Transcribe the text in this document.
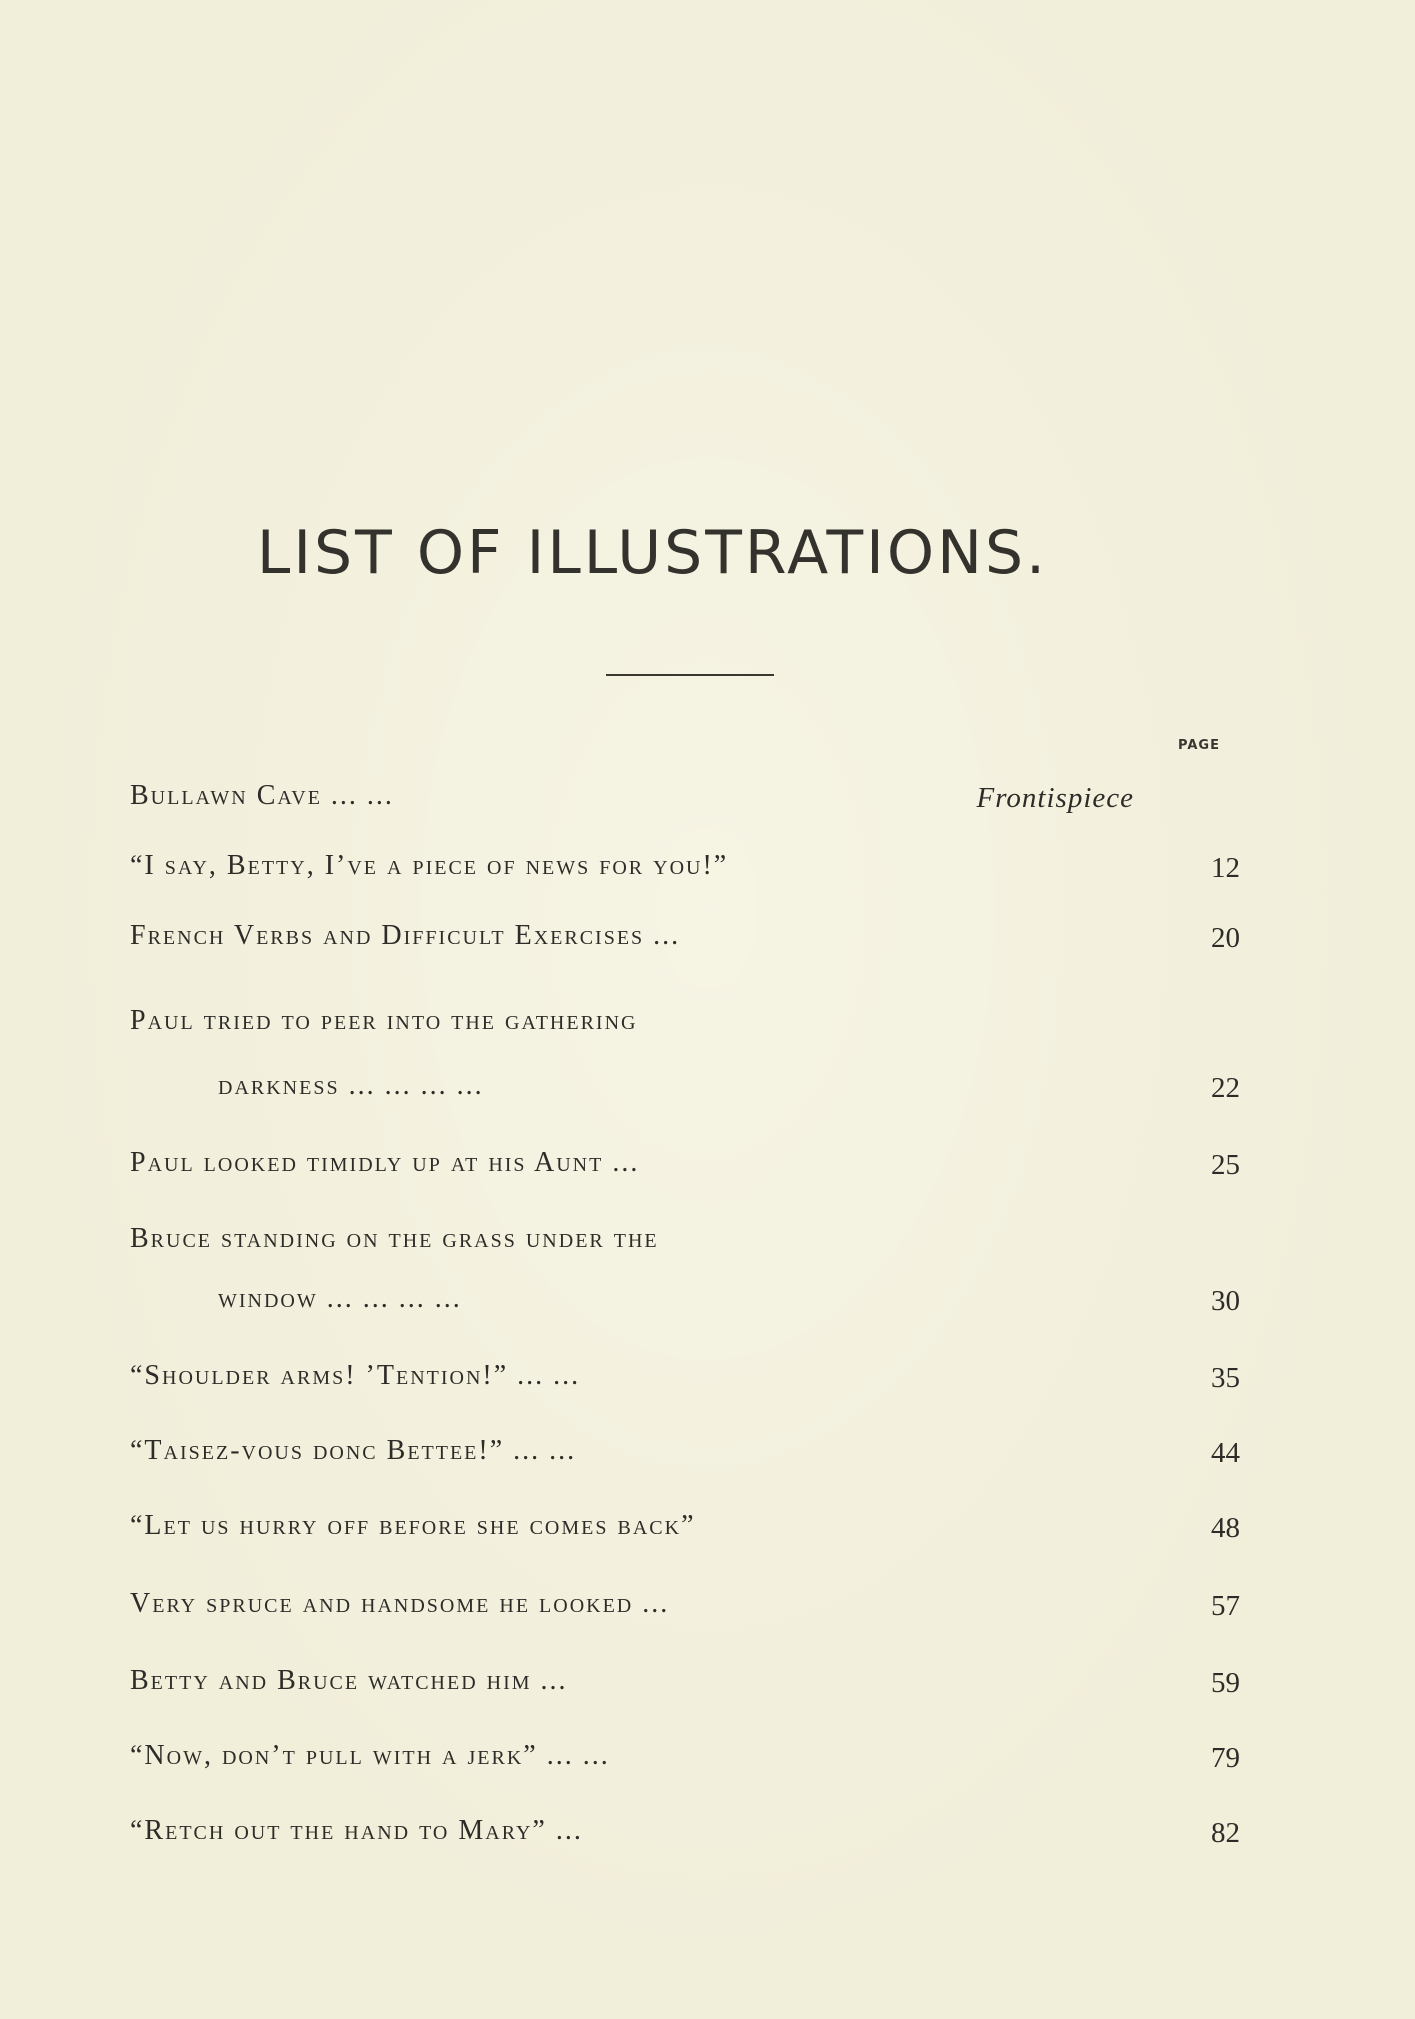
LIST OF ILLUSTRATIONS.
PAGE
Bullawn Cave ... ...	Frontispiece
“I say, Betty, I’ve a piece of news for you!”	12
French Verbs and Difficult Exercises ...	20
Paul tried to peer into the gathering
darkness ... ... ... ...	22
Paul looked timidly up at his Aunt ...	25
Bruce standing on the grass under the
window ... ... ... ...	30
“Shoulder arms! ’Tention!” ... ...	35
“Taisez-vous donc Bettee!” ... ...	44
“Let us hurry off before she comes back”	48
Very spruce and handsome he looked ...	57
Betty and Bruce watched him ...	59
“Now, don’t pull with a jerk” ... ...	79
“Retch out the hand to Mary” ...	82
